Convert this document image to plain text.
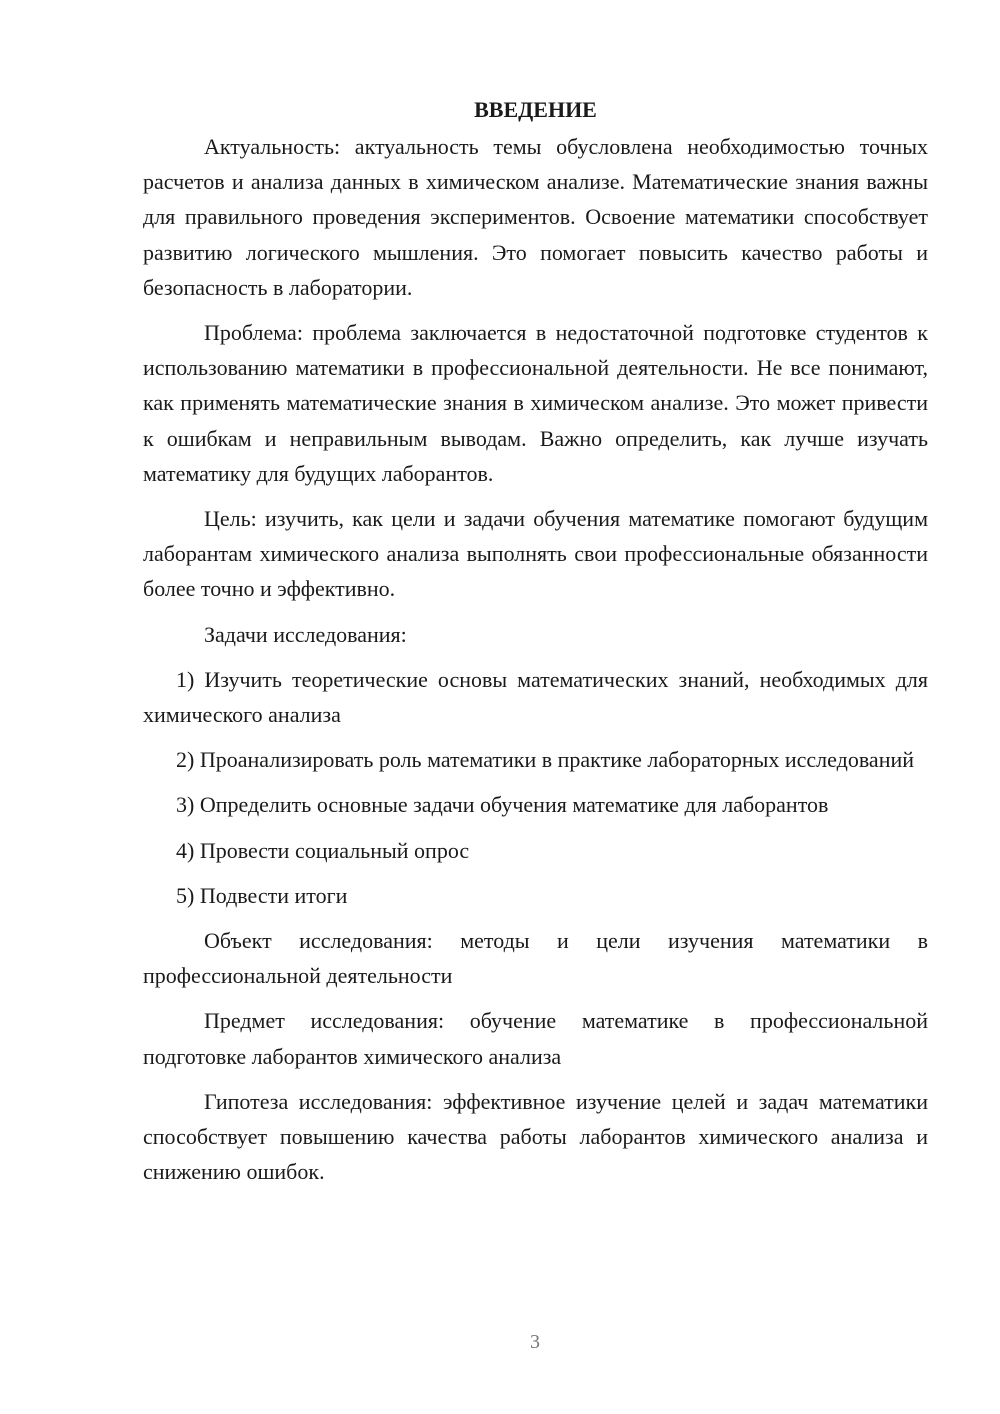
ВВЕДЕНИЕ

Актуальность: актуальность темы обусловлена необходимостью точных расчетов и анализа данных в химическом анализе. Математические знания важны для правильного проведения экспериментов. Освоение математики способствует развитию логического мышления. Это помогает повысить качество работы и безопасность в лаборатории.

Проблема: проблема заключается в недостаточной подготовке студентов к использованию математики в профессиональной деятельности. Не все понимают, как применять математические знания в химическом анализе. Это может привести к ошибкам и неправильным выводам. Важно определить, как лучше изучать математику для будущих лаборантов.

Цель: изучить, как цели и задачи обучения математике помогают будущим лаборантам химического анализа выполнять свои профессиональные обязанности более точно и эффективно.

Задачи исследования:

1) Изучить теоретические основы математических знаний, необходимых для химического анализа

2) Проанализировать роль математики в практике лабораторных исследований

3) Определить основные задачи обучения математике для лаборантов

4) Провести социальный опрос

5) Подвести итоги

Объект исследования: методы и цели изучения математики в профессиональной деятельности

Предмет исследования: обучение математике в профессиональной подготовке лаборантов химического анализа

Гипотеза исследования: эффективное изучение целей и задач математики способствует повышению качества работы лаборантов химического анализа и снижению ошибок.

3
